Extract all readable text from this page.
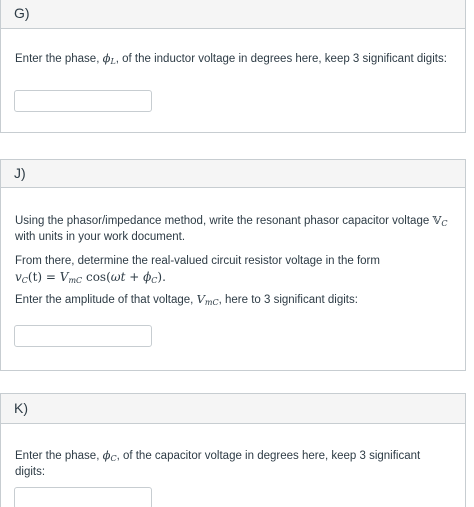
G)

Enter the phase, $\phi_L$, of the inductor voltage in degrees here, keep 3 significant digits:

J)

Using the phasor/impedance method, write the resonant phasor capacitor voltage 𝕍$_C$ with units in your work document.

From there, determine the real-valued circuit resistor voltage in the form

$v_C(t) = V_{mC}$ $\cos(\omega t + \phi_C)$.

Enter the amplitude of that voltage, $V_{mC}$, here to 3 significant digits:

K)

Enter the phase, $\phi_C$, of the capacitor voltage in degrees here, keep 3 significant digits:
